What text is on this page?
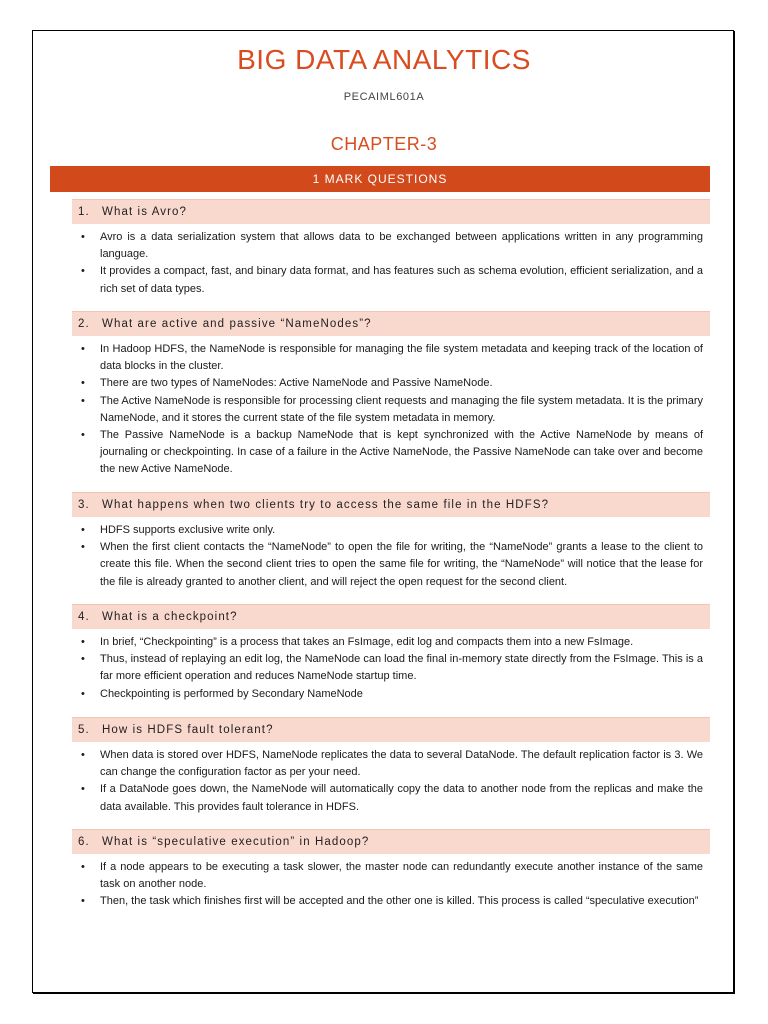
BIG DATA ANALYTICS
PECAIML601A
CHAPTER-3
1 MARK QUESTIONS
1. What is Avro?
• Avro is a data serialization system that allows data to be exchanged between applications written in any programming language.
• It provides a compact, fast, and binary data format, and has features such as schema evolution, efficient serialization, and a rich set of data types.
2. What are active and passive “NameNodes”?
• In Hadoop HDFS, the NameNode is responsible for managing the file system metadata and keeping track of the location of data blocks in the cluster.
• There are two types of NameNodes: Active NameNode and Passive NameNode.
• The Active NameNode is responsible for processing client requests and managing the file system metadata. It is the primary NameNode, and it stores the current state of the file system metadata in memory.
• The Passive NameNode is a backup NameNode that is kept synchronized with the Active NameNode by means of journaling or checkpointing. In case of a failure in the Active NameNode, the Passive NameNode can take over and become the new Active NameNode.
3. What happens when two clients try to access the same file in the HDFS?
• HDFS supports exclusive write only.
• When the first client contacts the “NameNode” to open the file for writing, the “NameNode” grants a lease to the client to create this file. When the second client tries to open the same file for writing, the “NameNode” will notice that the lease for the file is already granted to another client, and will reject the open request for the second client.
4. What is a checkpoint?
• In brief, “Checkpointing” is a process that takes an FsImage, edit log and compacts them into a new FsImage.
• Thus, instead of replaying an edit log, the NameNode can load the final in-memory state directly from the FsImage. This is a far more efficient operation and reduces NameNode startup time.
• Checkpointing is performed by Secondary NameNode
5. How is HDFS fault tolerant?
• When data is stored over HDFS, NameNode replicates the data to several DataNode. The default replication factor is 3. We can change the configuration factor as per your need.
• If a DataNode goes down, the NameNode will automatically copy the data to another node from the replicas and make the data available. This provides fault tolerance in HDFS.
6. What is “speculative execution” in Hadoop?
• If a node appears to be executing a task slower, the master node can redundantly execute another instance of the same task on another node.
• Then, the task which finishes first will be accepted and the other one is killed. This process is called “speculative execution”
